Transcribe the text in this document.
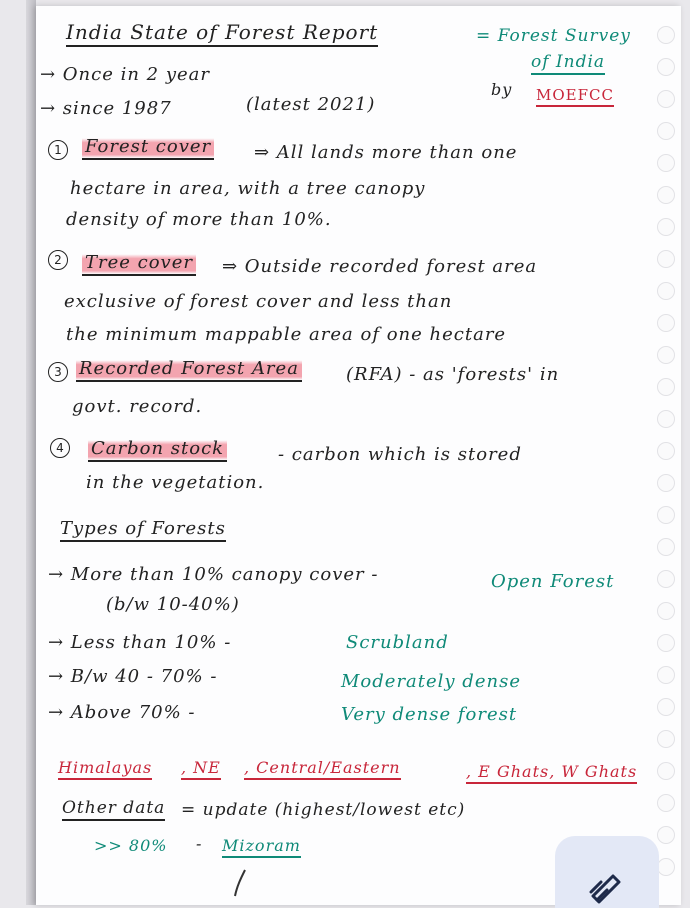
India State of Forest Report	= Forest Survey
of India
by MOEFCC
→ Once in 2 year
→ since 1987	(latest 2021)
1	Forest cover ⇒ All lands more than one
hectare in area, with a tree canopy
density of more than 10%.
2	Tree cover ⇒ Outside recorded forest area
exclusive of forest cover and less than
the minimum mappable area of one hectare
3 Recorded Forest Area	(RFA) - as 'forests' in
govt. record.
4	Carbon stock	- carbon which is stored
in the vegetation.
Types of Forests
→ More than 10% canopy cover -	Open Forest
(b/w 10-40%)
→ Less than 10% -	Scrubland
→ B/w 40 - 70% -	Moderately dense
→ Above 70% -	Very dense forest
Himalayas , NE , Central/Eastern	, E Ghats, W Ghats
Other data = update (highest/lowest etc)
>> 80% - Mizoram
